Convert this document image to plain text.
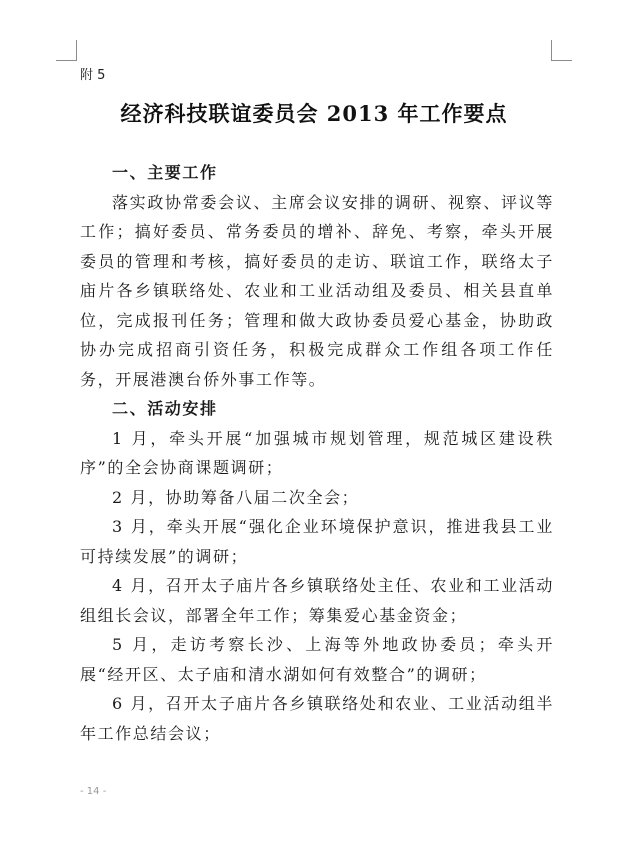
附 5
经济科技联谊委员会 2013 年工作要点

一、主要工作

落实政协常委会议、主席会议安排的调研、视察、评议等工作；搞好委员、常务委员的增补、辞免、考察，牵头开展委员的管理和考核，搞好委员的走访、联谊工作，联络太子庙片各乡镇联络处、农业和工业活动组及委员、相关县直单位，完成报刊任务；管理和做大政协委员爱心基金，协助政协办完成招商引资任务，积极完成群众工作组各项工作任务，开展港澳台侨外事工作等。

二、活动安排

1 月，牵头开展“加强城市规划管理，规范城区建设秩序”的全会协商课题调研；

2 月，协助筹备八届二次全会；

3 月，牵头开展“强化企业环境保护意识，推进我县工业可持续发展”的调研；

4 月，召开太子庙片各乡镇联络处主任、农业和工业活动组组长会议，部署全年工作；筹集爱心基金资金；

5 月，走访考察长沙、上海等外地政协委员；牵头开展“经开区、太子庙和清水湖如何有效整合”的调研；

6 月，召开太子庙片各乡镇联络处和农业、工业活动组半年工作总结会议；

- 14 -
